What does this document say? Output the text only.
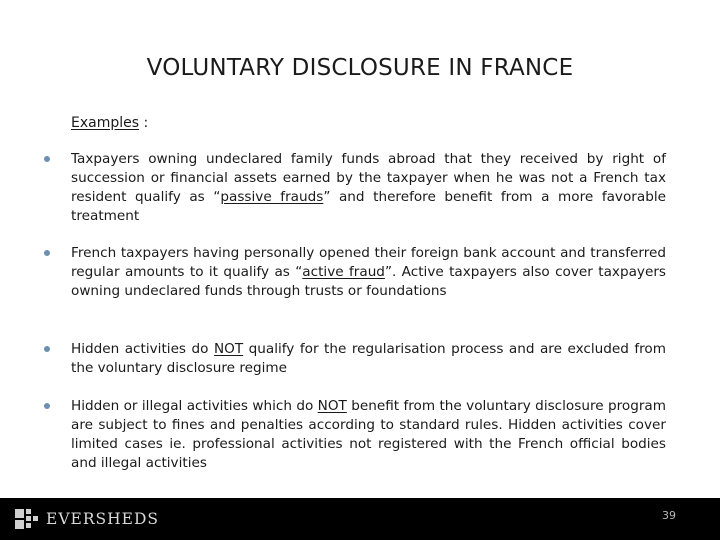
VOLUNTARY DISCLOSURE IN FRANCE
Examples :
Taxpayers owning undeclared family funds abroad that they received by right of succession or financial assets earned by the taxpayer when he was not a French tax resident qualify as “passive frauds” and therefore benefit from a more favorable treatment
French taxpayers having personally opened their foreign bank account and transferred regular amounts to it qualify as “active fraud”. Active taxpayers also cover taxpayers owning undeclared funds through trusts or foundations
Hidden activities do NOT qualify for the regularisation process and are excluded from the voluntary disclosure regime
Hidden or illegal activities which do NOT benefit from the voluntary disclosure program are subject to fines and penalties according to standard rules. Hidden activities cover limited cases ie. professional activities not registered with the French official bodies and illegal activities
EVERSHEDS	39
